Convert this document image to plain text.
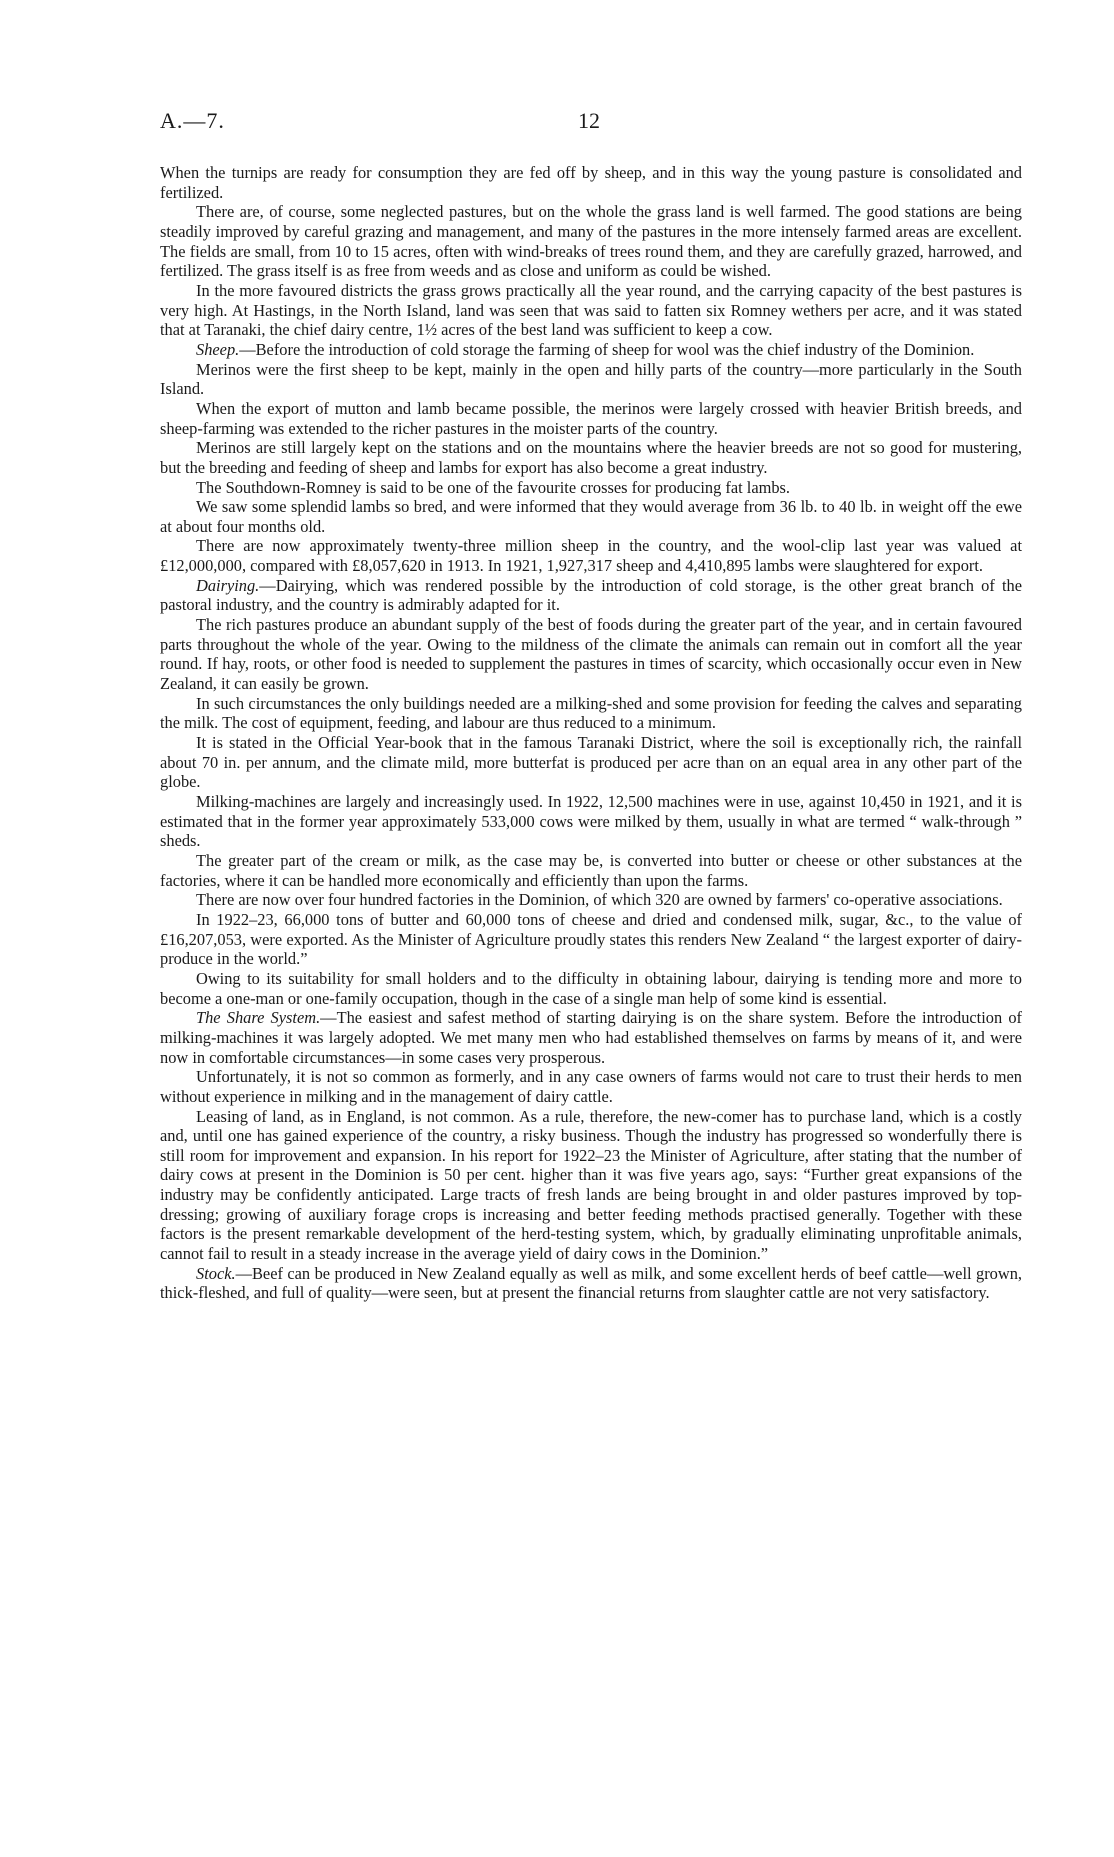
A.—7.	12

When the turnips are ready for consumption they are fed off by sheep, and in this way the young pasture is consolidated and fertilized.

There are, of course, some neglected pastures, but on the whole the grass land is well farmed. The good stations are being steadily improved by careful grazing and management, and many of the pastures in the more intensely farmed areas are excellent. The fields are small, from 10 to 15 acres, often with wind-breaks of trees round them, and they are carefully grazed, harrowed, and fertilized. The grass itself is as free from weeds and as close and uniform as could be wished.

In the more favoured districts the grass grows practically all the year round, and the carrying capacity of the best pastures is very high. At Hastings, in the North Island, land was seen that was said to fatten six Romney wethers per acre, and it was stated that at Taranaki, the chief dairy centre, 1½ acres of the best land was sufficient to keep a cow.

Sheep.—Before the introduction of cold storage the farming of sheep for wool was the chief industry of the Dominion.

Merinos were the first sheep to be kept, mainly in the open and hilly parts of the country—more particularly in the South Island.

When the export of mutton and lamb became possible, the merinos were largely crossed with heavier British breeds, and sheep-farming was extended to the richer pastures in the moister parts of the country.

Merinos are still largely kept on the stations and on the mountains where the heavier breeds are not so good for mustering, but the breeding and feeding of sheep and lambs for export has also become a great industry.

The Southdown-Romney is said to be one of the favourite crosses for producing fat lambs.

We saw some splendid lambs so bred, and were informed that they would average from 36 lb. to 40 lb. in weight off the ewe at about four months old.

There are now approximately twenty-three million sheep in the country, and the wool-clip last year was valued at £12,000,000, compared with £8,057,620 in 1913. In 1921, 1,927,317 sheep and 4,410,895 lambs were slaughtered for export.

Dairying.—Dairying, which was rendered possible by the introduction of cold storage, is the other great branch of the pastoral industry, and the country is admirably adapted for it.

The rich pastures produce an abundant supply of the best of foods during the greater part of the year, and in certain favoured parts throughout the whole of the year. Owing to the mildness of the climate the animals can remain out in comfort all the year round. If hay, roots, or other food is needed to supplement the pastures in times of scarcity, which occasionally occur even in New Zealand, it can easily be grown.

In such circumstances the only buildings needed are a milking-shed and some provision for feeding the calves and separating the milk. The cost of equipment, feeding, and labour are thus reduced to a minimum.

It is stated in the Official Year-book that in the famous Taranaki District, where the soil is exceptionally rich, the rainfall about 70 in. per annum, and the climate mild, more butterfat is produced per acre than on an equal area in any other part of the globe.

Milking-machines are largely and increasingly used. In 1922, 12,500 machines were in use, against 10,450 in 1921, and it is estimated that in the former year approximately 533,000 cows were milked by them, usually in what are termed “ walk-through ” sheds.

The greater part of the cream or milk, as the case may be, is converted into butter or cheese or other substances at the factories, where it can be handled more economically and efficiently than upon the farms.

There are now over four hundred factories in the Dominion, of which 320 are owned by farmers' co-operative associations.

In 1922–23, 66,000 tons of butter and 60,000 tons of cheese and dried and condensed milk, sugar, &c., to the value of £16,207,053, were exported. As the Minister of Agriculture proudly states this renders New Zealand “ the largest exporter of dairy-produce in the world.”

Owing to its suitability for small holders and to the difficulty in obtaining labour, dairying is tending more and more to become a one-man or one-family occupation, though in the case of a single man help of some kind is essential.

The Share System.—The easiest and safest method of starting dairying is on the share system. Before the introduction of milking-machines it was largely adopted. We met many men who had established themselves on farms by means of it, and were now in comfortable circumstances—in some cases very prosperous.

Unfortunately, it is not so common as formerly, and in any case owners of farms would not care to trust their herds to men without experience in milking and in the management of dairy cattle.

Leasing of land, as in England, is not common. As a rule, therefore, the new-comer has to purchase land, which is a costly and, until one has gained experience of the country, a risky business. Though the industry has progressed so wonderfully there is still room for improvement and expansion. In his report for 1922–23 the Minister of Agriculture, after stating that the number of dairy cows at present in the Dominion is 50 per cent. higher than it was five years ago, says: “Further great expansions of the industry may be confidently anticipated. Large tracts of fresh lands are being brought in and older pastures improved by top-dressing; growing of auxiliary forage crops is increasing and better feeding methods practised generally. Together with these factors is the present remarkable development of the herd-testing system, which, by gradually eliminating unprofitable animals, cannot fail to result in a steady increase in the average yield of dairy cows in the Dominion.”

Stock.—Beef can be produced in New Zealand equally as well as milk, and some excellent herds of beef cattle—well grown, thick-fleshed, and full of quality—were seen, but at present the financial returns from slaughter cattle are not very satisfactory.
